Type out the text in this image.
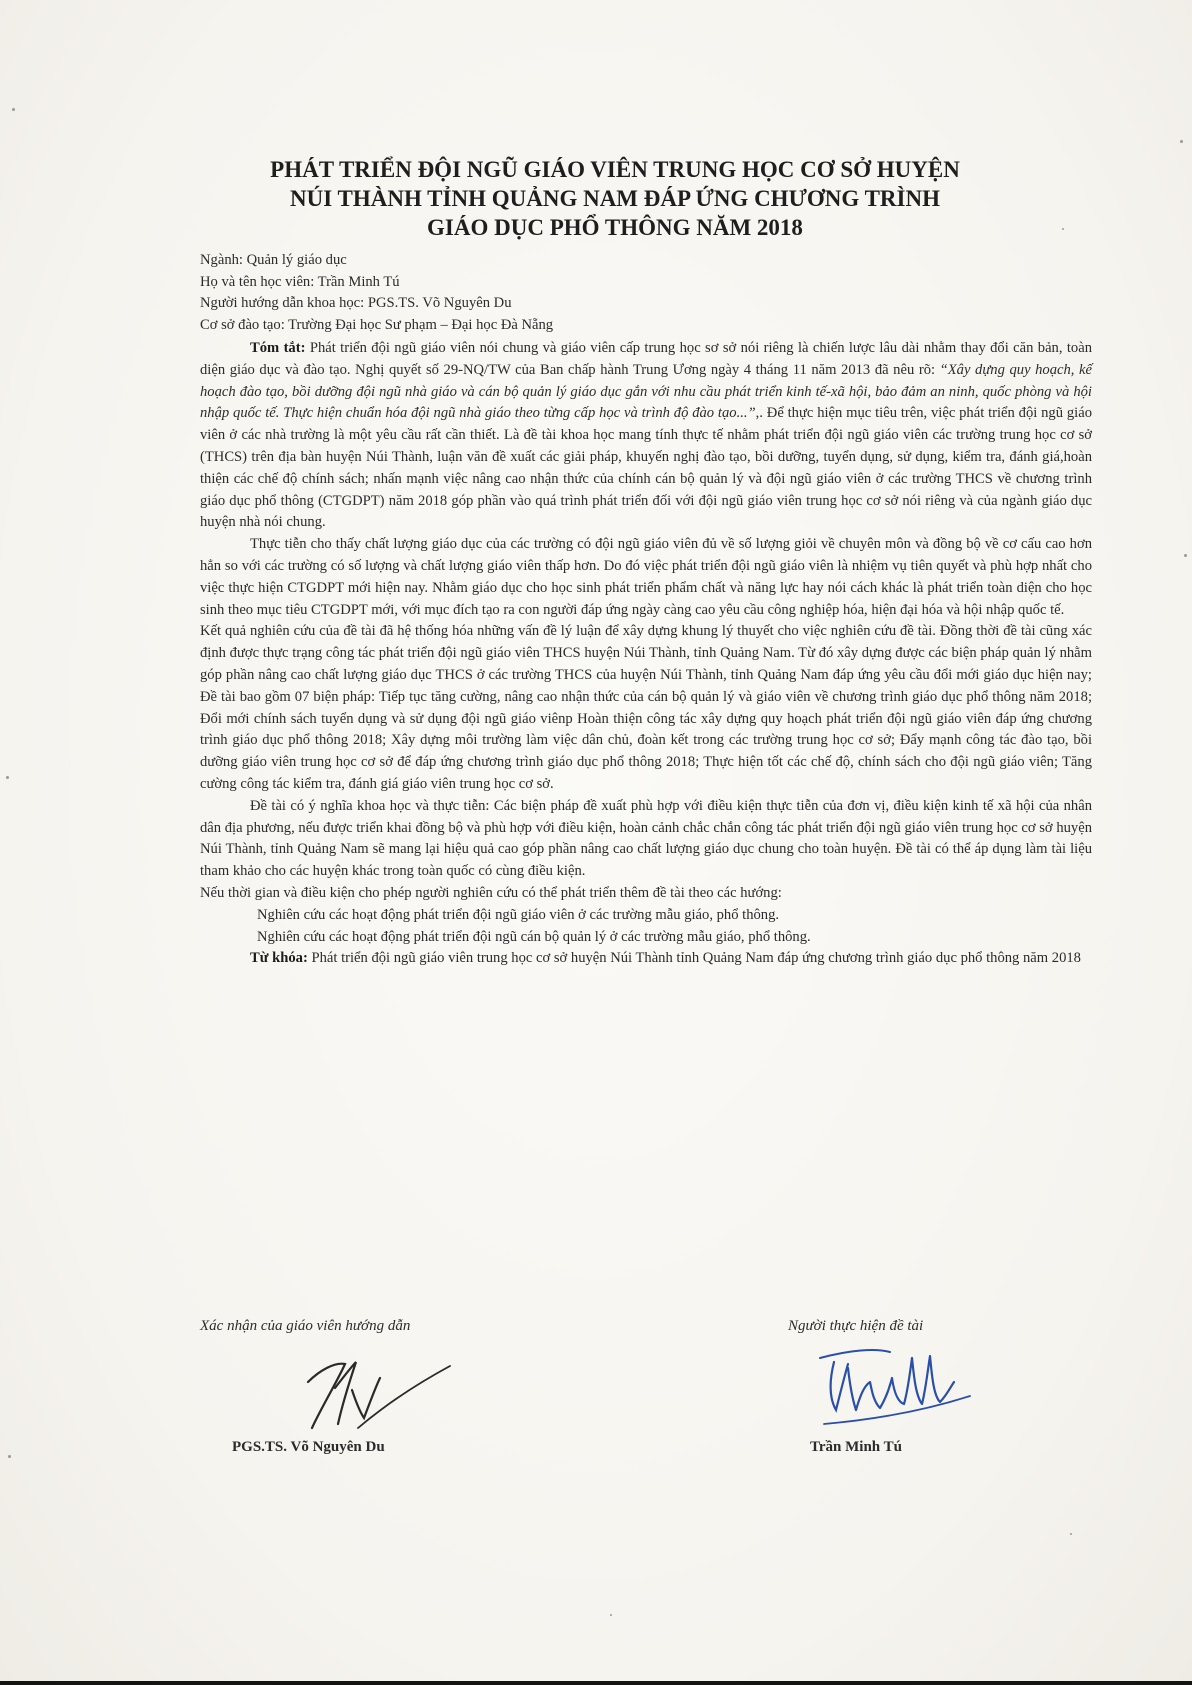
PHÁT TRIỂN ĐỘI NGŨ GIÁO VIÊN TRUNG HỌC CƠ SỞ HUYỆN
NÚI THÀNH TỈNH QUẢNG NAM ĐÁP ỨNG CHƯƠNG TRÌNH
GIÁO DỤC PHỔ THÔNG NĂM 2018
Ngành: Quản lý giáo dục
Họ và tên học viên: Trần Minh Tú
Người hướng dẫn khoa học: PGS.TS. Võ Nguyên Du
Cơ sở đào tạo: Trường Đại học Sư phạm – Đại học Đà Nẵng

Tóm tắt: Phát triển đội ngũ giáo viên nói chung và giáo viên cấp trung học sơ sở nói riêng là chiến lược lâu dài nhằm thay đổi căn bản, toàn diện giáo dục và đào tạo. Nghị quyết số 29-NQ/TW của Ban chấp hành Trung Ương ngày 4 tháng 11 năm 2013 đã nêu rõ: “Xây dựng quy hoạch, kế hoạch đào tạo, bồi dưỡng đội ngũ nhà giáo và cán bộ quản lý giáo dục gắn với nhu cầu phát triển kinh tế-xã hội, bảo đảm an ninh, quốc phòng và hội nhập quốc tế. Thực hiện chuẩn hóa đội ngũ nhà giáo theo từng cấp học và trình độ đào tạo...”,. Để thực hiện mục tiêu trên, việc phát triển đội ngũ giáo viên ở các nhà trường là một yêu cầu rất cần thiết. Là đề tài khoa học mang tính thực tế nhằm phát triển đội ngũ giáo viên các trường trung học cơ sở (THCS) trên địa bàn huyện Núi Thành, luận văn đề xuất các giải pháp, khuyến nghị đào tạo, bồi dưỡng, tuyển dụng, sử dụng, kiểm tra, đánh giá,hoàn thiện các chế độ chính sách; nhấn mạnh việc nâng cao nhận thức của chính cán bộ quản lý và đội ngũ giáo viên ở các trường THCS về chương trình giáo dục phổ thông (CTGDPT) năm 2018 góp phần vào quá trình phát triển đối với đội ngũ giáo viên trung học cơ sở nói riêng và của ngành giáo dục huyện nhà nói chung.

Thực tiễn cho thấy chất lượng giáo dục của các trường có đội ngũ giáo viên đủ về số lượng giỏi về chuyên môn và đồng bộ về cơ cấu cao hơn hẳn so với các trường có số lượng và chất lượng giáo viên thấp hơn. Do đó việc phát triển đội ngũ giáo viên là nhiệm vụ tiên quyết và phù hợp nhất cho việc thực hiện CTGDPT mới hiện nay. Nhằm giáo dục cho học sinh phát triển phẩm chất và năng lực hay nói cách khác là phát triển toàn diện cho học sinh theo mục tiêu CTGDPT mới, với mục đích tạo ra con người đáp ứng ngày càng cao yêu cầu công nghiệp hóa, hiện đại hóa và hội nhập quốc tế.

Kết quả nghiên cứu của đề tài đã hệ thống hóa những vấn đề lý luận để xây dựng khung lý thuyết cho việc nghiên cứu đề tài. Đồng thời đề tài cũng xác định được thực trạng công tác phát triển đội ngũ giáo viên THCS huyện Núi Thành, tỉnh Quảng Nam. Từ đó xây dựng được các biện pháp quản lý nhằm góp phần nâng cao chất lượng giáo dục THCS ở các trường THCS của huyện Núi Thành, tỉnh Quảng Nam đáp ứng yêu cầu đổi mới giáo dục hiện nay; Đề tài bao gồm 07 biện pháp: Tiếp tục tăng cường, nâng cao nhận thức của cán bộ quản lý và giáo viên về chương trình giáo dục phổ thông năm 2018; Đổi mới chính sách tuyển dụng và sử dụng đội ngũ giáo viênp Hoàn thiện công tác xây dựng quy hoạch phát triển đội ngũ giáo viên đáp ứng chương trình giáo dục phổ thông 2018; Xây dựng môi trường làm việc dân chủ, đoàn kết trong các trường trung học cơ sở; Đẩy mạnh công tác đào tạo, bồi dưỡng giáo viên trung học cơ sở để đáp ứng chương trình giáo dục phổ thông 2018; Thực hiện tốt các chế độ, chính sách cho đội ngũ giáo viên; Tăng cường công tác kiểm tra, đánh giá giáo viên trung học cơ sở.

Đề tài có ý nghĩa khoa học và thực tiễn: Các biện pháp đề xuất phù hợp với điều kiện thực tiễn của đơn vị, điều kiện kinh tế xã hội của nhân dân địa phương, nếu được triển khai đồng bộ và phù hợp với điều kiện, hoàn cảnh chắc chắn công tác phát triển đội ngũ giáo viên trung học cơ sở huyện Núi Thành, tỉnh Quảng Nam sẽ mang lại hiệu quả cao góp phần nâng cao chất lượng giáo dục chung cho toàn huyện. Đề tài có thể áp dụng làm tài liệu tham khảo cho các huyện khác trong toàn quốc có cùng điều kiện.

Nếu thời gian và điều kiện cho phép người nghiên cứu có thể phát triển thêm đề tài theo các hướng:

Nghiên cứu các hoạt động phát triển đội ngũ giáo viên ở các trường mẫu giáo, phổ thông.

Nghiên cứu các hoạt động phát triển đội ngũ cán bộ quản lý ở các trường mẫu giáo, phổ thông.

Từ khóa: Phát triển đội ngũ giáo viên trung học cơ sở huyện Núi Thành tỉnh Quảng Nam đáp ứng chương trình giáo dục phổ thông năm 2018

Xác nhận của giáo viên hướng dẫn	Người thực hiện đề tài
PGS.TS. Võ Nguyên Du	Trần Minh Tú
